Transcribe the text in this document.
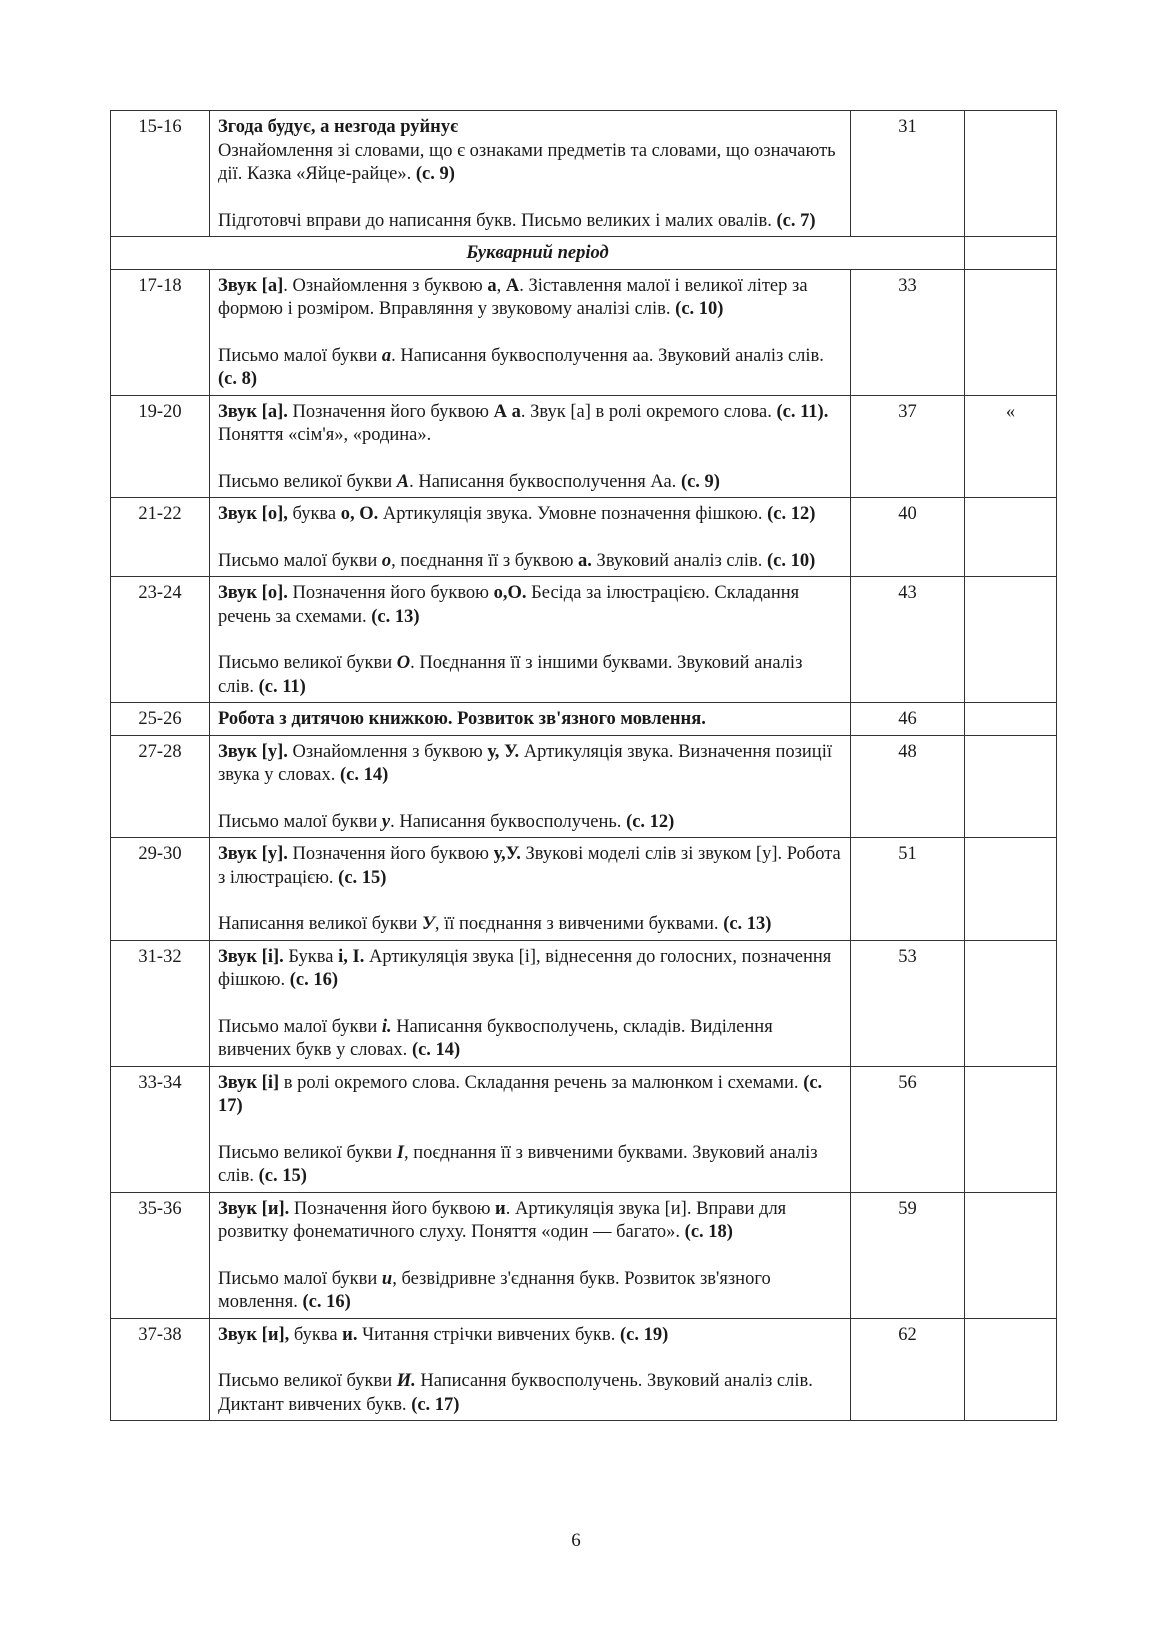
15-16	Згода будує, а незгода руйнує
Ознайомлення зі словами, що є ознаками предметів та словами, що означають дії. Казка «Яйце-райце». (с. 9)
Підготовчі вправи до написання букв. Письмо великих і малих овалів. (с. 7)	31	
Букварний період			
17-18	Звук [а]. Ознайомлення з буквою а, А. Зіставлення малої і великої літер за формою і розміром. Вправляння у звуковому аналізі слів. (с. 10)
Письмо малої букви а. Написання буквосполучення аа. Звуковий аналіз слів. (с. 8)	33	
19-20	Звук [а]. Позначення його буквою А а. Звук [а] в ролі окремого слова. (с. 11). Поняття «сім'я», «родина».
Письмо великої букви А. Написання буквосполучення Аа. (с. 9)	37	«
21-22	Звук [о], буква о, О. Артикуляція звука. Умовне позначення фішкою. (с. 12)
Письмо малої букви о, поєднання її з буквою а. Звуковий аналіз слів. (с. 10)	40	
23-24	Звук [о]. Позначення його буквою о,О. Бесіда за ілюстрацією. Складання речень за схемами. (с. 13)
Письмо великої букви О. Поєднання її з іншими буквами. Звуковий аналіз слів. (с. 11)	43	
25-26	Робота з дитячою книжкою. Розвиток зв'язного мовлення.	46	
27-28	Звук [у]. Ознайомлення з буквою у, У. Артикуляція звука. Визначення позиції звука у словах. (с. 14)
Письмо малої букви у. Написання буквосполучень. (с. 12)	48	
29-30	Звук [у]. Позначення його буквою у,У. Звукові моделі слів зі звуком [у]. Робота з ілюстрацією. (с. 15)
Написання великої букви У, її поєднання з вивченими буквами. (с. 13)	51	
31-32	Звук [і]. Буква і, І. Артикуляція звука [і], віднесення до голосних, позначення фішкою. (с. 16)
Письмо малої букви і. Написання буквосполучень, складів. Виділення вивчених букв у словах. (с. 14)	53	
33-34	Звук [і] в ролі окремого слова. Складання речень за малюнком і схемами. (с. 17)
Письмо великої букви І, поєднання її з вивченими буквами. Звуковий аналіз слів. (с. 15)	56	
35-36	Звук [и]. Позначення його буквою и. Артикуляція звука [и]. Вправи для розвитку фонематичного слуху. Поняття «один — багато». (с. 18)
Письмо малої букви и, безвідривне з'єднання букв. Розвиток зв'язного мовлення. (с. 16)	59	
37-38	Звук [и], буква и. Читання стрічки вивчених букв. (с. 19)
Письмо великої букви И. Написання буквосполучень. Звуковий аналіз слів. Диктант вивчених букв. (с. 17)	62	
6
